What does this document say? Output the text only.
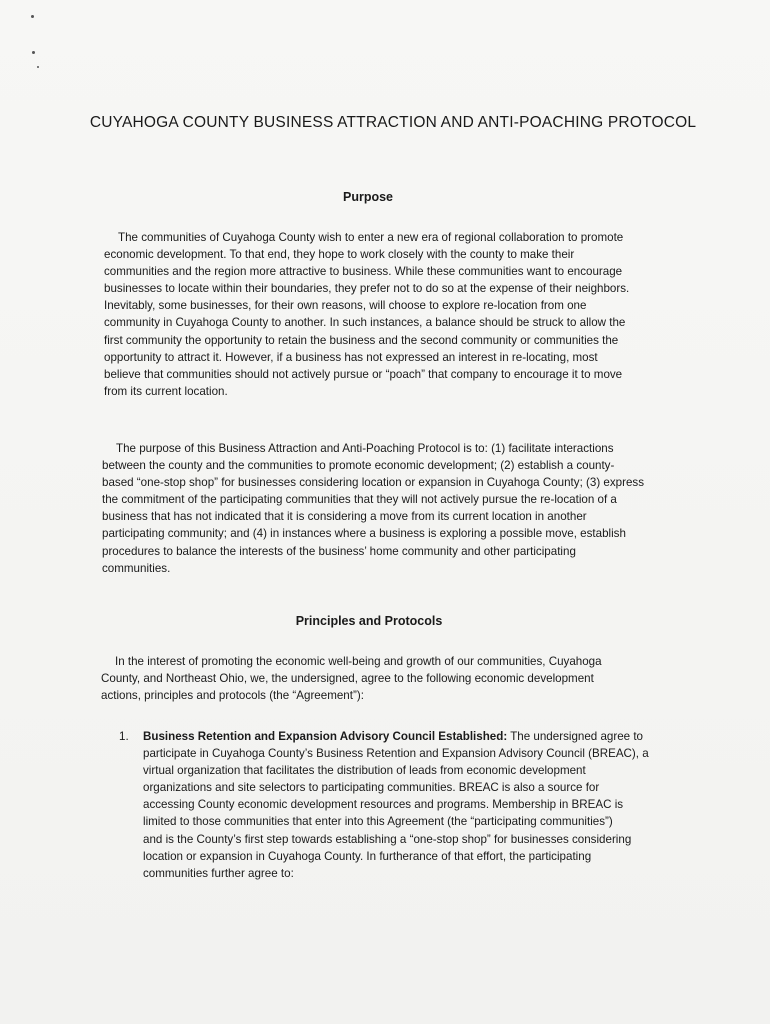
CUYAHOGA COUNTY BUSINESS ATTRACTION AND ANTI-POACHING PROTOCOL
Purpose
The communities of Cuyahoga County wish to enter a new era of regional collaboration to promote
economic development. To that end, they hope to work closely with the county to make their
communities and the region more attractive to business. While these communities want to encourage
businesses to locate within their boundaries, they prefer not to do so at the expense of their neighbors.
Inevitably, some businesses, for their own reasons, will choose to explore re-location from one
community in Cuyahoga County to another. In such instances, a balance should be struck to allow the
first community the opportunity to retain the business and the second community or communities the
opportunity to attract it. However, if a business has not expressed an interest in re-locating, most
believe that communities should not actively pursue or “poach” that company to encourage it to move
from its current location.
The purpose of this Business Attraction and Anti-Poaching Protocol is to: (1) facilitate interactions
between the county and the communities to promote economic development; (2) establish a county-
based “one-stop shop” for businesses considering location or expansion in Cuyahoga County; (3) express
the commitment of the participating communities that they will not actively pursue the re-location of a
business that has not indicated that it is considering a move from its current location in another
participating community; and (4) in instances where a business is exploring a possible move, establish
procedures to balance the interests of the business’ home community and other participating
communities.
Principles and Protocols
In the interest of promoting the economic well-being and growth of our communities, Cuyahoga
County, and Northeast Ohio, we, the undersigned, agree to the following economic development
actions, principles and protocols (the “Agreement”):
1. Business Retention and Expansion Advisory Council Established: The undersigned agree to
participate in Cuyahoga County’s Business Retention and Expansion Advisory Council (BREAC), a
virtual organization that facilitates the distribution of leads from economic development
organizations and site selectors to participating communities. BREAC is also a source for
accessing County economic development resources and programs. Membership in BREAC is
limited to those communities that enter into this Agreement (the “participating communities”)
and is the County’s first step towards establishing a “one-stop shop” for businesses considering
location or expansion in Cuyahoga County. In furtherance of that effort, the participating
communities further agree to:
